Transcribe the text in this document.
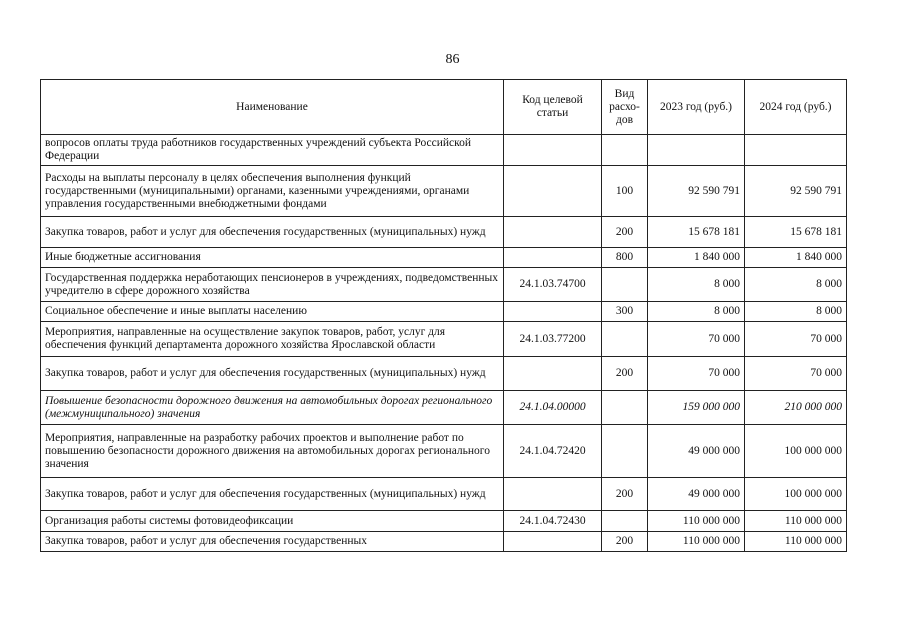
86
Наименование	Код целевой статьи	Вид расхо-дов	2023 год (руб.)	2024 год (руб.)
вопросов оплаты труда работников государственных учреждений субъекта Российской Федерации				
Расходы на выплаты персоналу в целях обеспечения выполнения функций государственными (муниципальными) органами, казенными учреждениями, органами управления государственными внебюджетными фондами		100	92 590 791	92 590 791
Закупка товаров, работ и услуг для обеспечения государственных (муниципальных) нужд		200	15 678 181	15 678 181
Иные бюджетные ассигнования		800	1 840 000	1 840 000
Государственная поддержка неработающих пенсионеров в учреждениях, подведомственных учредителю в сфере дорожного хозяйства	24.1.03.74700		8 000	8 000
Социальное обеспечение и иные выплаты населению		300	8 000	8 000
Мероприятия, направленные на осуществление закупок товаров, работ, услуг для обеспечения функций департамента дорожного хозяйства Ярославской области	24.1.03.77200		70 000	70 000
Закупка товаров, работ и услуг для обеспечения государственных (муниципальных) нужд		200	70 000	70 000
Повышение безопасности дорожного движения на автомобильных дорогах регионального (межмуниципального) значения	24.1.04.00000		159 000 000	210 000 000
Мероприятия, направленные на разработку рабочих проектов и выполнение работ по повышению безопасности дорожного движения на автомобильных дорогах регионального значения	24.1.04.72420		49 000 000	100 000 000
Закупка товаров, работ и услуг для обеспечения государственных (муниципальных) нужд		200	49 000 000	100 000 000
Организация работы системы фотовидеофиксации	24.1.04.72430		110 000 000	110 000 000
Закупка товаров, работ и услуг для обеспечения государственных		200	110 000 000	110 000 000
